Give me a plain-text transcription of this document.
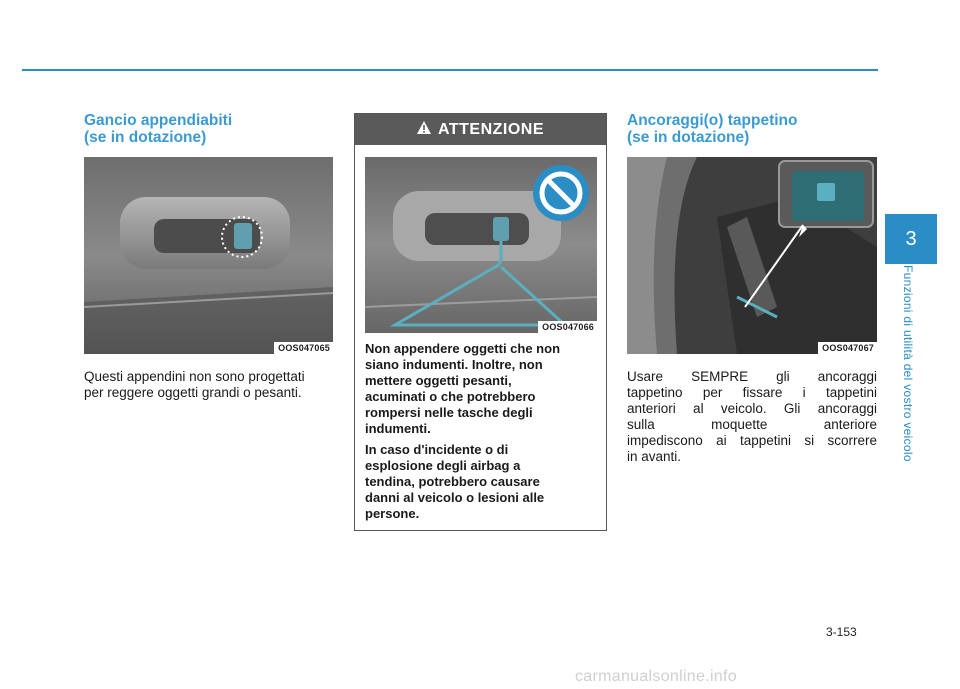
Gancio appendiabiti
(se in dotazione)
OOS047065
Questi appendini non sono progettati
per reggere oggetti grandi o pesanti.
ATTENZIONE
OOS047066
Non appendere oggetti che non
siano indumenti. Inoltre, non
mettere oggetti pesanti,
acuminati o che potrebbero
rompersi nelle tasche degli
indumenti.
In caso d'incidente o di
esplosione degli airbag a
tendina, potrebbero causare
danni al veicolo o lesioni alle
persone.
Ancoraggi(o) tappetino
(se in dotazione)
OOS047067
Usare SEMPRE gli ancoraggi
tappetino per fissare i tappetini
anteriori al veicolo. Gli ancoraggi
sulla moquette anteriore
impediscono ai tappetini si scorrere
in avanti.
3
Funzioni di utilità del vostro veicolo
3-153
carmanualsonline.info
